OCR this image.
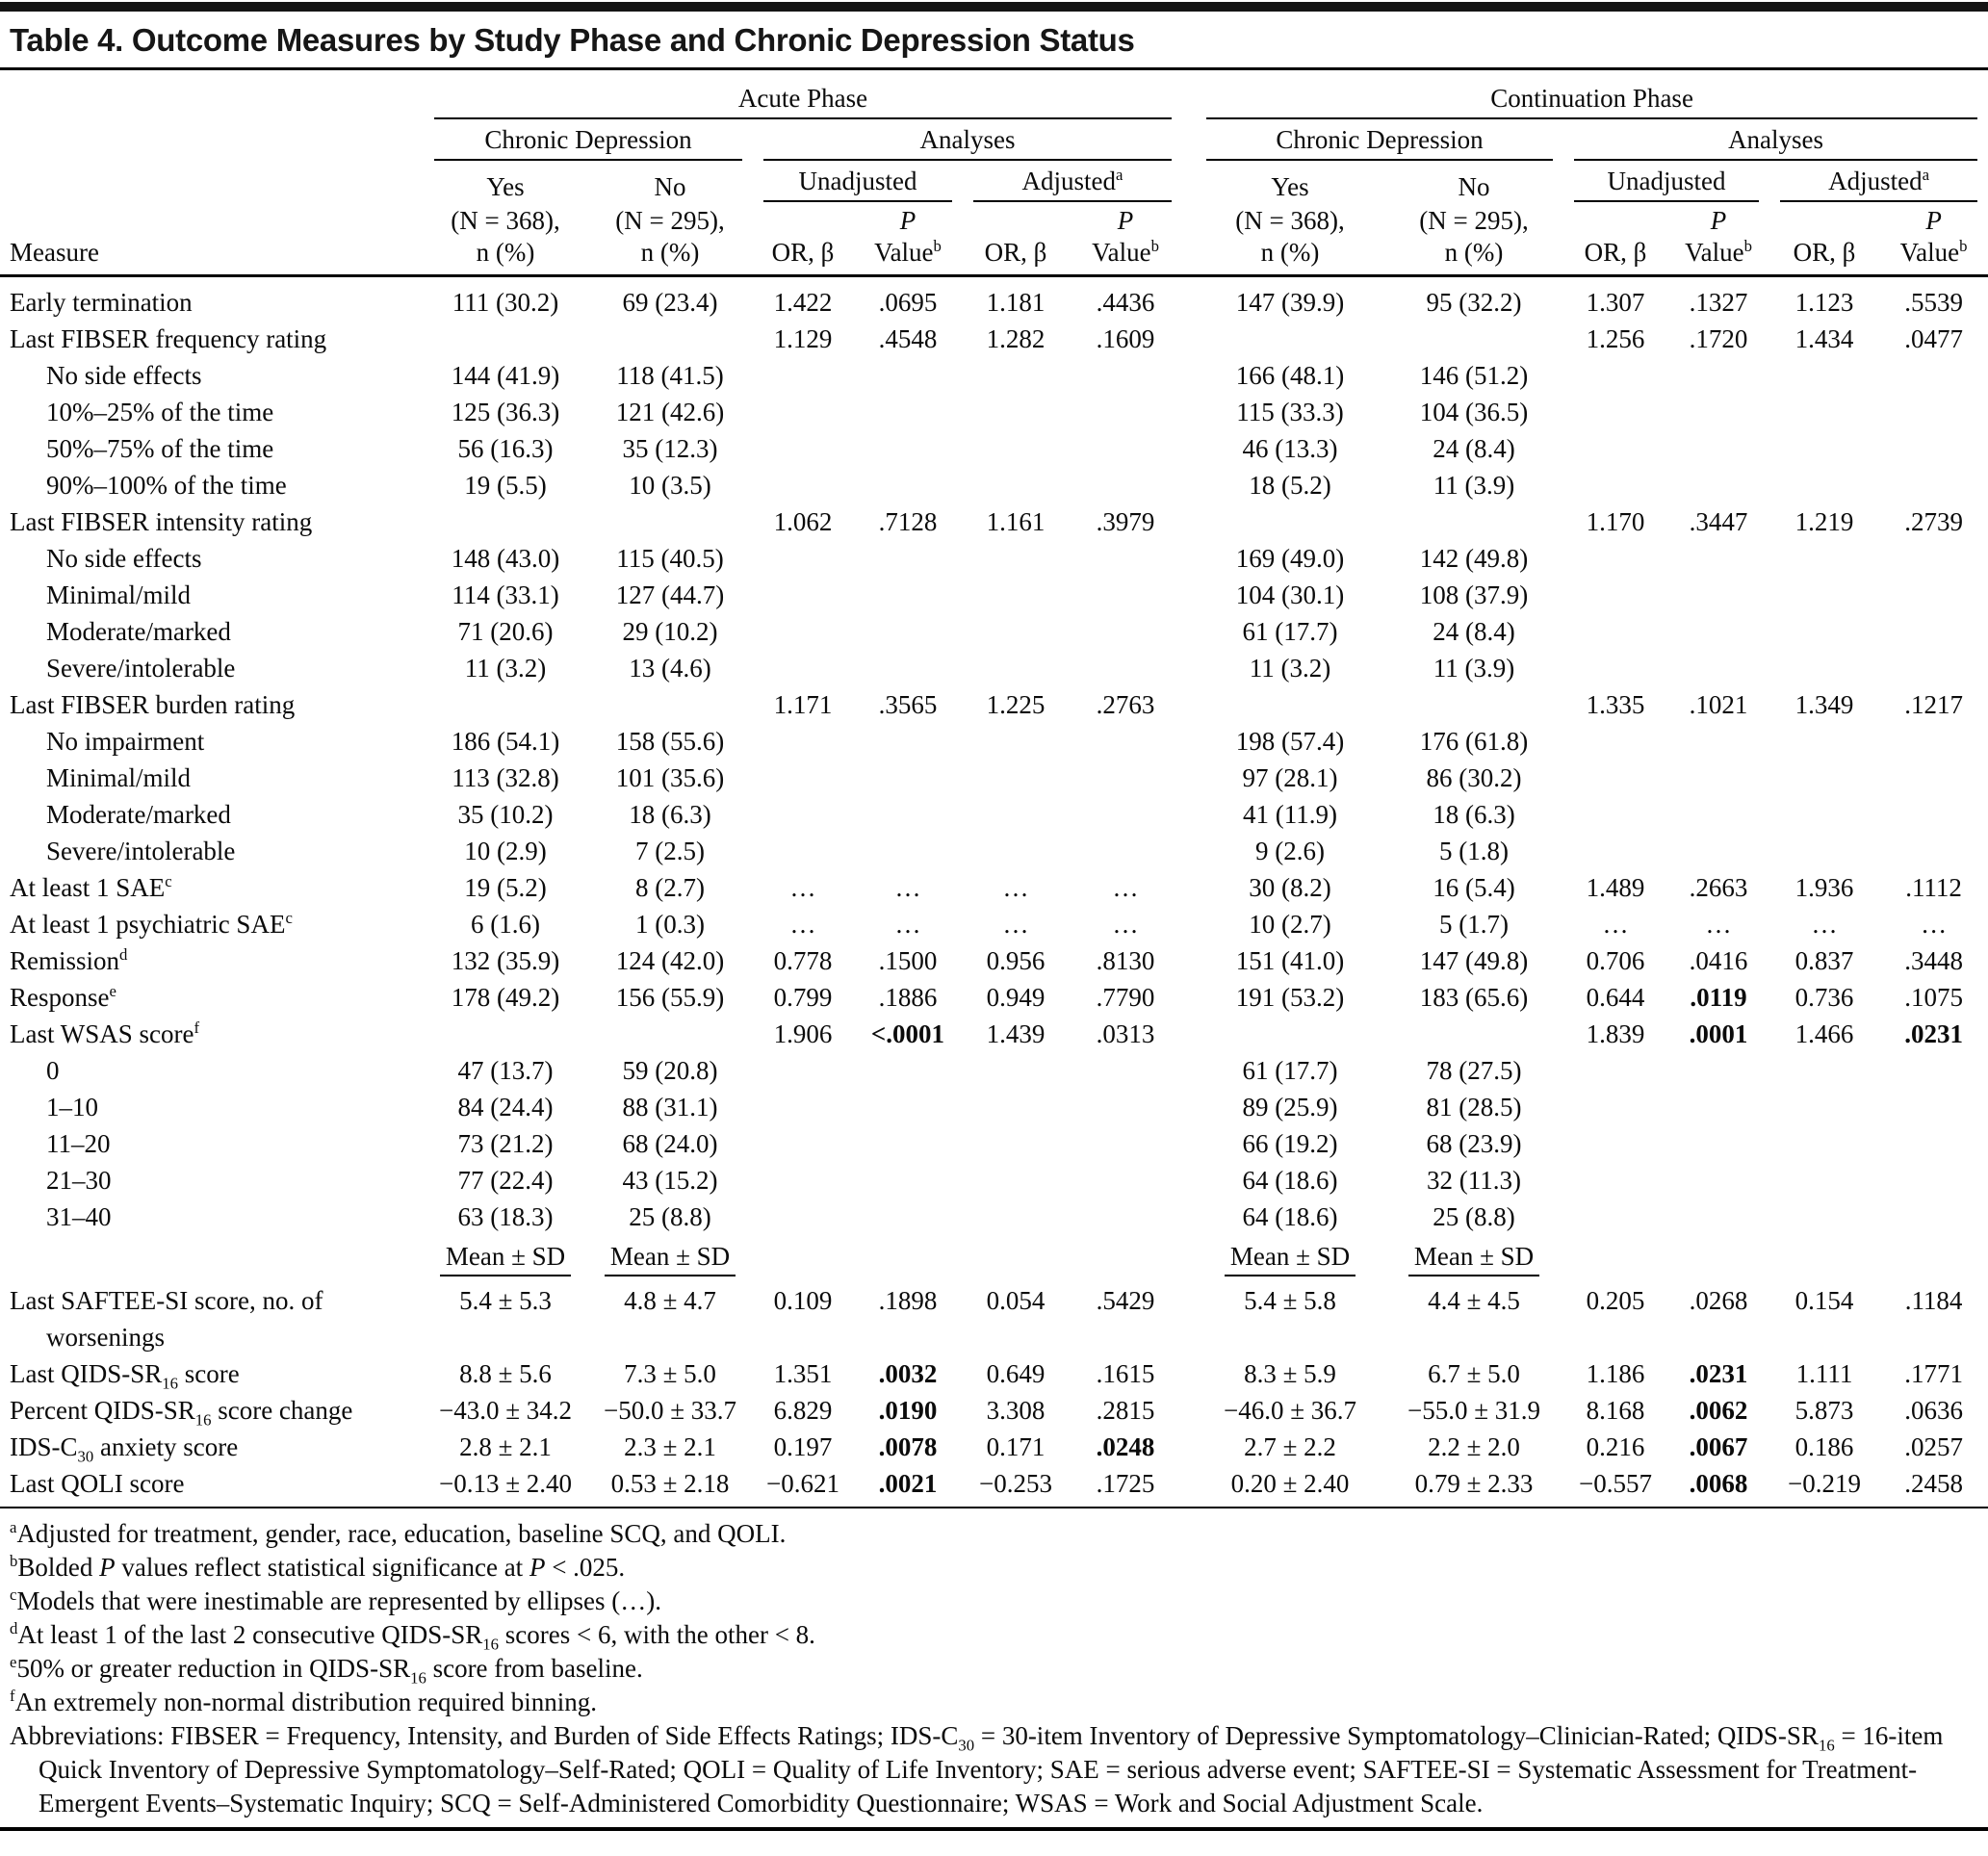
Table 4. Outcome Measures by Study Phase and Chronic Depression Status

	Acute Phase							Continuation Phase					

	Chronic Depression		Analyses					Chronic Depression		Analyses			

	Yes	No	Unadjusted		Adjusted$^a$			Yes	No	Unadjusted		Adjusted$^a$

	(N = 368),	(N = 295),		P		P		(N = 368),	(N = 295),		P		P
Measure	n (%)	n (%)	OR, β	Value$^b$	OR, β	Value$^b$		n (%)	n (%)	OR, β	Value$^b$	OR, β	Value$^b$
Early termination	111 (30.2)	69 (23.4)	1.422	.0695	1.181	.4436		147 (39.9)	95 (32.2)	1.307	.1327	1.123	.5539
Last FIBSER frequency rating			1.129	.4548	1.282	.1609				1.256	.1720	1.434	.0477
No side effects	144 (41.9)	118 (41.5)						166 (48.1)	146 (51.2)				
10%–25% of the time	125 (36.3)	121 (42.6)						115 (33.3)	104 (36.5)				
50%–75% of the time	56 (16.3)	35 (12.3)						46 (13.3)	24 (8.4)				
90%–100% of the time	19 (5.5)	10 (3.5)						18 (5.2)	11 (3.9)				
Last FIBSER intensity rating			1.062	.7128	1.161	.3979				1.170	.3447	1.219	.2739
No side effects	148 (43.0)	115 (40.5)						169 (49.0)	142 (49.8)				
Minimal/mild	114 (33.1)	127 (44.7)						104 (30.1)	108 (37.9)				
Moderate/marked	71 (20.6)	29 (10.2)						61 (17.7)	24 (8.4)				
Severe/intolerable	11 (3.2)	13 (4.6)						11 (3.2)	11 (3.9)				
Last FIBSER burden rating			1.171	.3565	1.225	.2763				1.335	.1021	1.349	.1217
No impairment	186 (54.1)	158 (55.6)						198 (57.4)	176 (61.8)				
Minimal/mild	113 (32.8)	101 (35.6)						97 (28.1)	86 (30.2)				
Moderate/marked	35 (10.2)	18 (6.3)						41 (11.9)	18 (6.3)				
Severe/intolerable	10 (2.9)	7 (2.5)						9 (2.6)	5 (1.8)				
At least 1 SAE$^c$	19 (5.2)	8 (2.7)	…	…	…	…		30 (8.2)	16 (5.4)	1.489	.2663	1.936	.1112
At least 1 psychiatric SAE$^c$	6 (1.6)	1 (0.3)	…	…	…	…		10 (2.7)	5 (1.7)	…	…	…	…
Remission$^d$	132 (35.9)	124 (42.0)	0.778	.1500	0.956	.8130		151 (41.0)	147 (49.8)	0.706	.0416	0.837	.3448
Response$^e$	178 (49.2)	156 (55.9)	0.799	.1886	0.949	.7790		191 (53.2)	183 (65.6)	0.644	.0119	0.736	.1075
Last WSAS score$^f$			1.906	<.0001	1.439	.0313				1.839	.0001	1.466	.0231
0	47 (13.7)	59 (20.8)						61 (17.7)	78 (27.5)				
1–10	84 (24.4)	88 (31.1)						89 (25.9)	81 (28.5)				
11–20	73 (21.2)	68 (24.0)						66 (19.2)	68 (23.9)				
21–30	77 (22.4)	43 (15.2)						64 (18.6)	32 (11.3)				
31–40	63 (18.3)	25 (8.8)						64 (18.6)	25 (8.8)				
	Mean ± SD	Mean ± SD						Mean ± SD	Mean ± SD				
Last SAFTEE-SI score, no. of worsenings	5.4 ± 5.3	4.8 ± 4.7	0.109	.1898	0.054	.5429		5.4 ± 5.8	4.4 ± 4.5	0.205	.0268	0.154	.1184
Last QIDS-$SR_{16}$ score	8.8 ± 5.6	7.3 ± 5.0	1.351	.0032	0.649	.1615		8.3 ± 5.9	6.7 ± 5.0	1.186	.0231	1.111	.1771
Percent QIDS-$SR_{16}$ score change	−43.0 ± 34.2	−50.0 ± 33.7	6.829	.0190	3.308	.2815		−46.0 ± 36.7	−55.0 ± 31.9	8.168	.0062	5.873	.0636
IDS-$C_{30}$ anxiety score	2.8 ± 2.1	2.3 ± 2.1	0.197	.0078	0.171	.0248		2.7 ± 2.2	2.2 ± 2.0	0.216	.0067	0.186	.0257
Last QOLI score	−0.13 ± 2.40	0.53 ± 2.18	−0.621	.0021	−0.253	.1725		0.20 ± 2.40	0.79 ± 2.33	−0.557	.0068	−0.219	.2458
$^a$Adjusted for treatment, gender, race, education, baseline SCQ, and QOLI.
$^b$Bolded P values reflect statistical significance at P < .025.
$^c$Models that were inestimable are represented by ellipses (…).
$^d$At least 1 of the last 2 consecutive QIDS-$SR_{16}$ scores < 6, with the other < 8.
$^e$50% or greater reduction in QIDS-$SR_{16}$ score from baseline.
$^f$An extremely non-normal distribution required binning.
Abbreviations: FIBSER = Frequency, Intensity, and Burden of Side Effects Ratings; IDS-$C_{30}$ = 30-item Inventory of Depressive Symptomatology–Clinician-Rated; QIDS-$SR_{16}$ = 16-item Quick Inventory of Depressive Symptomatology–Self-Rated; QOLI = Quality of Life Inventory; SAE = serious adverse event; SAFTEE-SI = Systematic Assessment for Treatment-Emergent Events–Systematic Inquiry; SCQ = Self-Administered Comorbidity Questionnaire; WSAS = Work and Social Adjustment Scale.
